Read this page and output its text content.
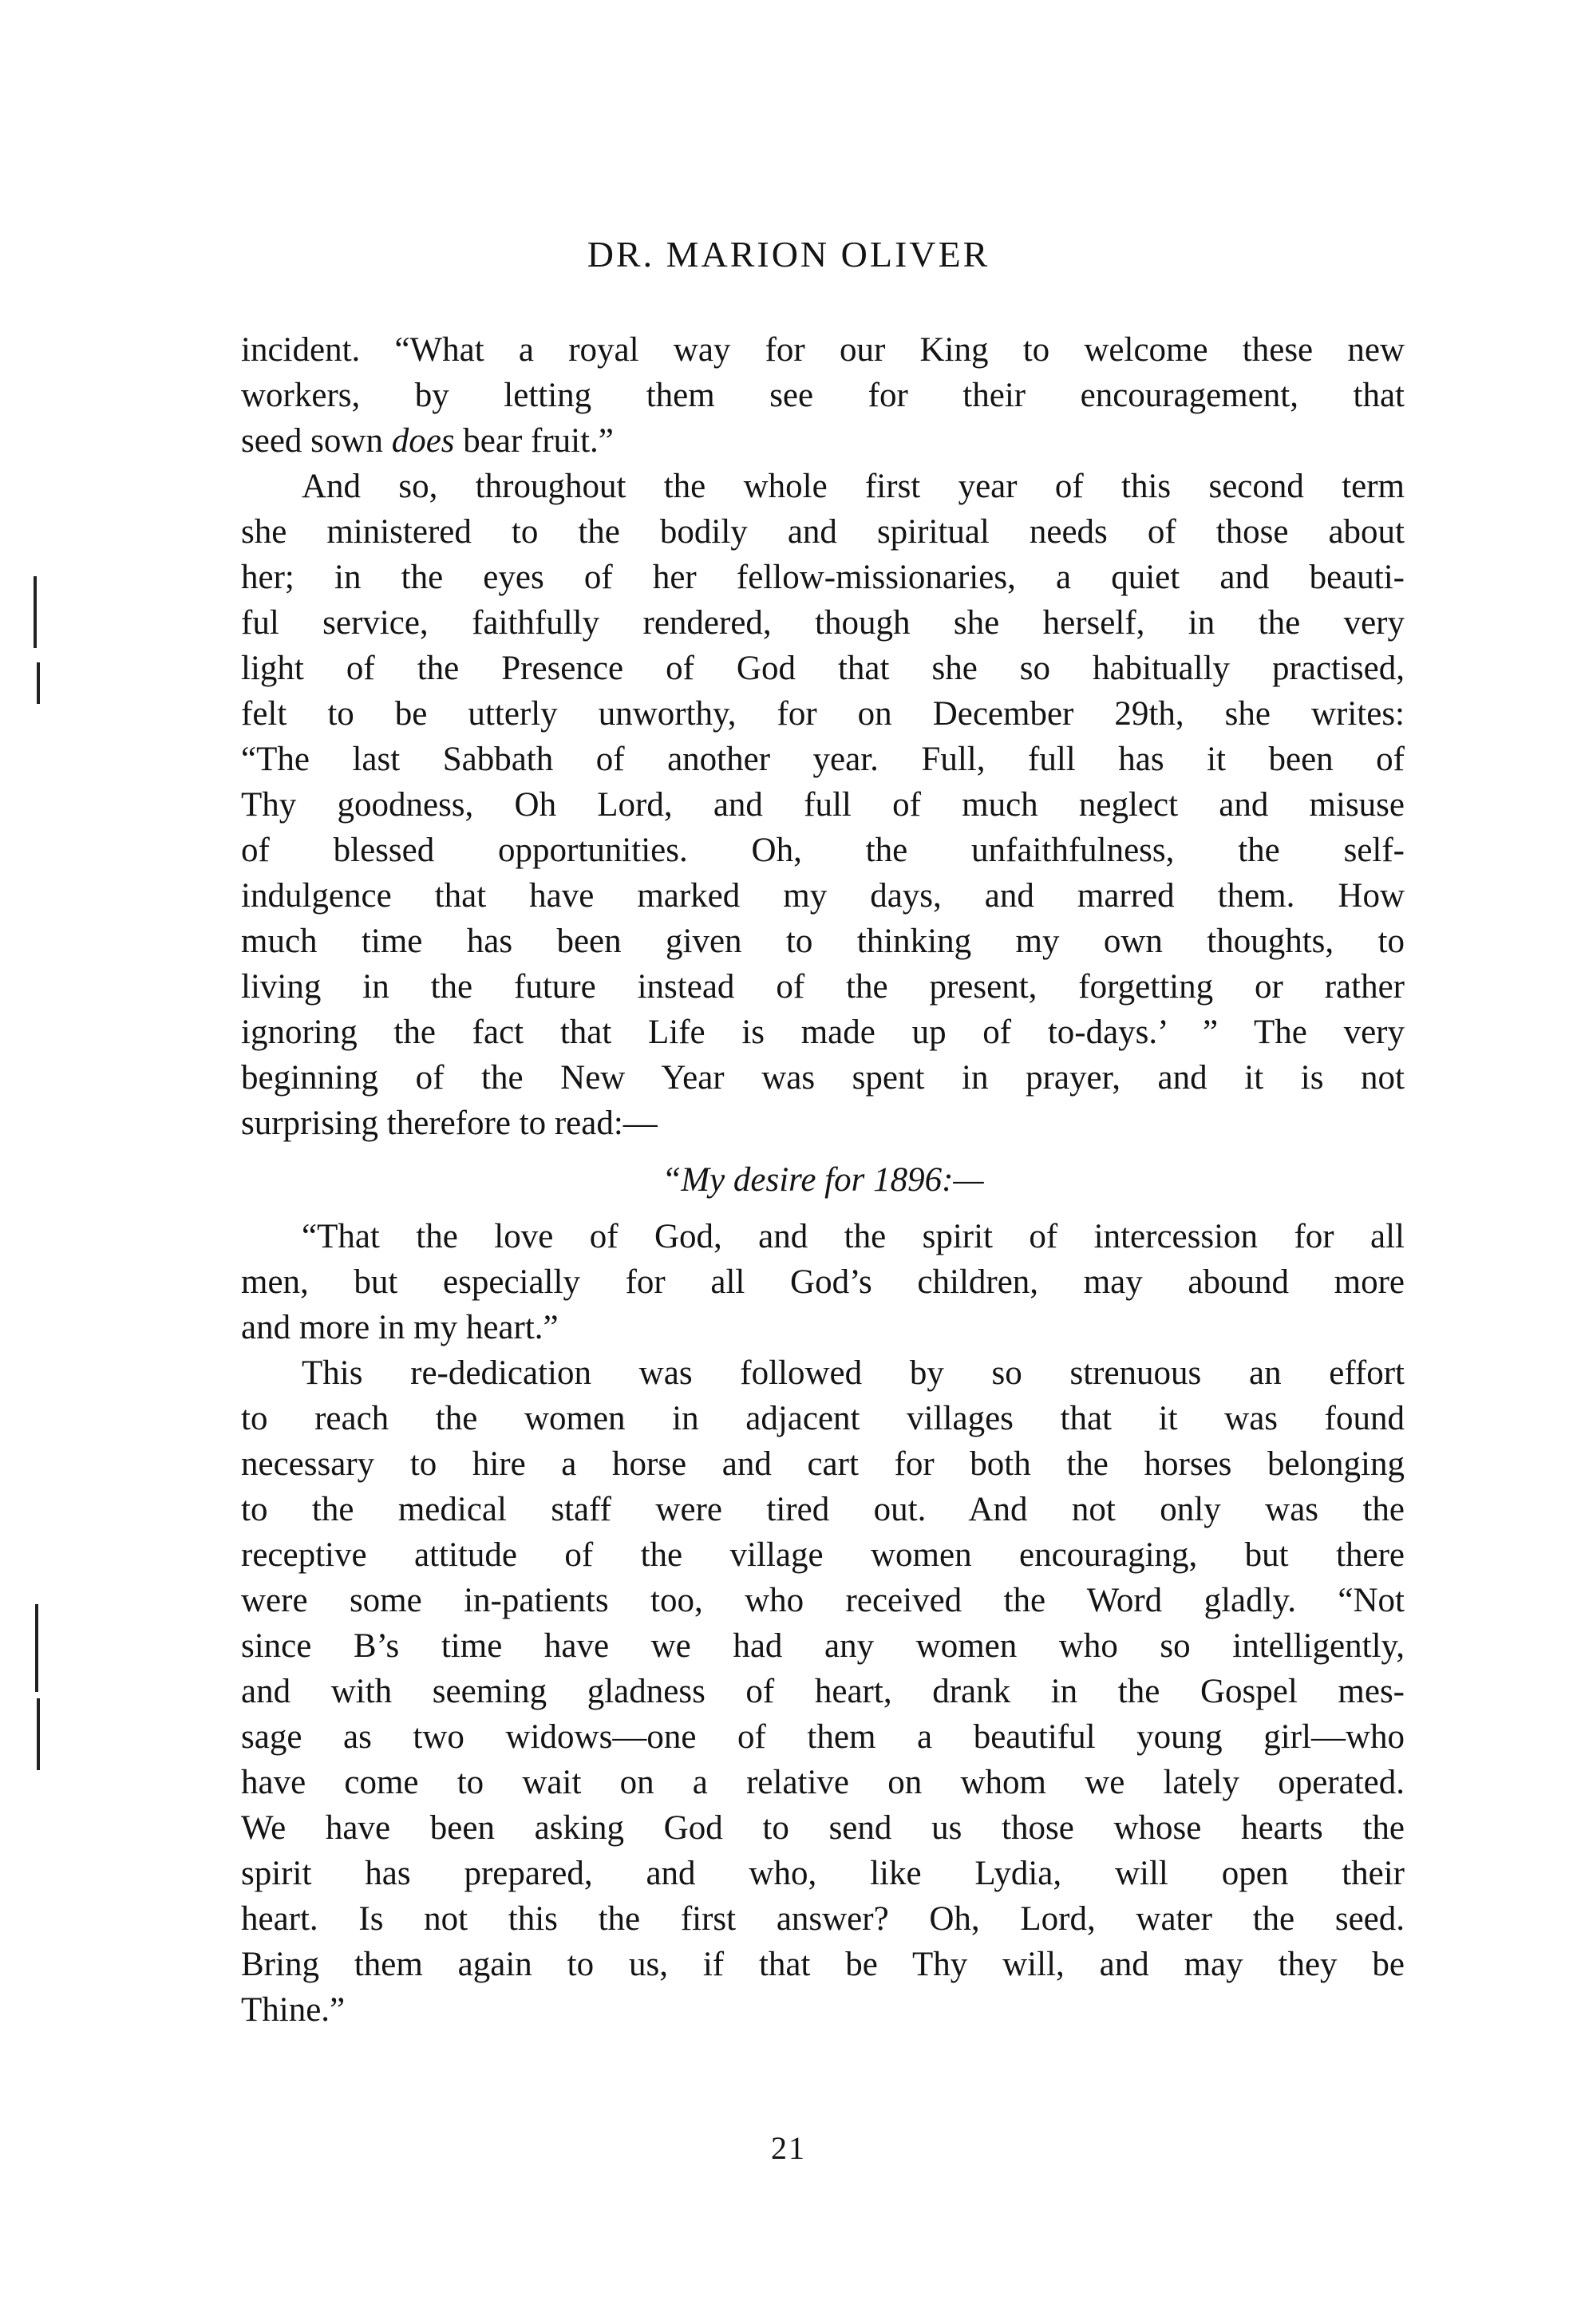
DR. MARION OLIVER

incident. “What a royal way for our King to welcome these new

workers, by letting them see for their encouragement, that

seed sown does bear fruit.”

And so, throughout the whole first year of this second term

she ministered to the bodily and spiritual needs of those about

her; in the eyes of her fellow-missionaries, a quiet and beauti-

ful service, faithfully rendered, though she herself, in the very

light of the Presence of God that she so habitually practised,

felt to be utterly unworthy, for on December 29th, she writes:

“The last Sabbath of another year. Full, full has it been of

Thy goodness, Oh Lord, and full of much neglect and misuse

of blessed opportunities. Oh, the unfaithfulness, the self-

indulgence that have marked my days, and marred them. How

much time has been given to thinking my own thoughts, to

living in the future instead of the present, forgetting or rather

ignoring the fact that Life is made up of to-days.’ ” The very

beginning of the New Year was spent in prayer, and it is not

surprising therefore to read:—

“My desire for 1896:—

“That the love of God, and the spirit of intercession for all

men, but especially for all God’s children, may abound more

and more in my heart.”

This re-dedication was followed by so strenuous an effort

to reach the women in adjacent villages that it was found

necessary to hire a horse and cart for both the horses belonging

to the medical staff were tired out. And not only was the

receptive attitude of the village women encouraging, but there

were some in-patients too, who received the Word gladly. “Not

since B’s time have we had any women who so intelligently,

and with seeming gladness of heart, drank in the Gospel mes-

sage as two widows—one of them a beautiful young girl—who

have come to wait on a relative on whom we lately operated.

We have been asking God to send us those whose hearts the

spirit has prepared, and who, like Lydia, will open their

heart. Is not this the first answer? Oh, Lord, water the seed.

Bring them again to us, if that be Thy will, and may they be

Thine.”

21
